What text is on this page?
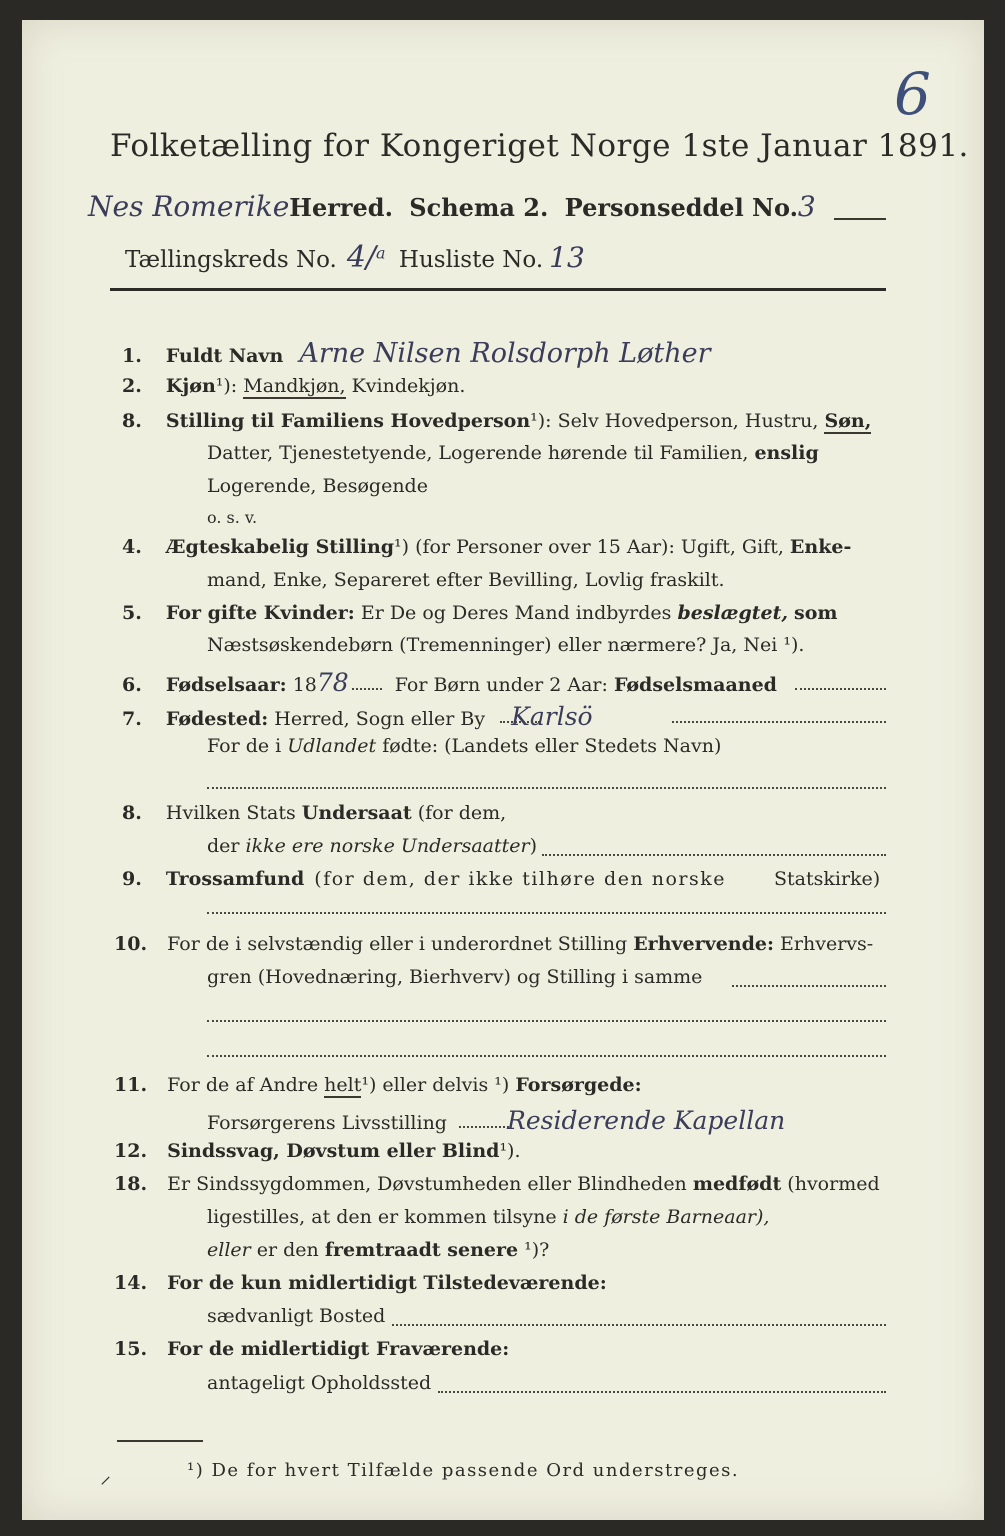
6
Folketælling for Kongeriget Norge 1ste Januar 1891.
Nes RomerikeHerred. Schema 2. Personseddel No.3
Tællingskreds No. 4/$^a$ Husliste No. 13
1. Fuldt Navn Arne Nilsen Rolsdorph Løther
2. Kjøn¹): Mandkjøn, Kvindekjøn.
8. Stilling til Familiens Hovedperson¹): Selv Hovedperson, Hustru, Søn,
Datter, Tjenestetyende, Logerende hørende til Familien, enslig
Logerende, Besøgende
o. s. v.
4. Ægteskabelig Stilling¹) (for Personer over 15 Aar): Ugift, Gift, Enke-
mand, Enke, Separeret efter Bevilling, Lovlig fraskilt.
5. For gifte Kvinder: Er De og Deres Mand indbyrdes beslægtet, som
Næstsøskendebørn (Tremenninger) eller nærmere? Ja, Nei ¹).
6. Fødselsaar: 1878 For Børn under 2 Aar: Fødselsmaaned
7. Fødested: Herred, Sogn eller By Karlsö
For de i Udlandet fødte: (Landets eller Stedets Navn)
8. Hvilken Stats Undersaat (for dem,
der ikke ere norske Undersaatter)
9. Trossamfund (for dem, der ikke tilhøre den norske	Statskirke)
10. For de i selvstændig eller i underordnet Stilling Erhvervende: Erhvervs-
gren (Hovednæring, Bierhverv) og Stilling i samme
11. For de af Andre helt¹) eller delvis ¹) Forsørgede:
Forsørgerens Livsstilling Residerende Kapellan
12. Sindssvag, Døvstum eller Blind¹).
18. Er Sindssygdommen, Døvstumheden eller Blindheden medfødt (hvormed
ligestilles, at den er kommen tilsyne i de første Barneaar),
eller er den fremtraadt senere ¹)?
14. For de kun midlertidigt Tilstedeværende:
sædvanligt Bosted
15. For de midlertidigt Fraværende:
antageligt Opholdssted
¹) De for hvert Tilfælde passende Ord understreges.
⸝
